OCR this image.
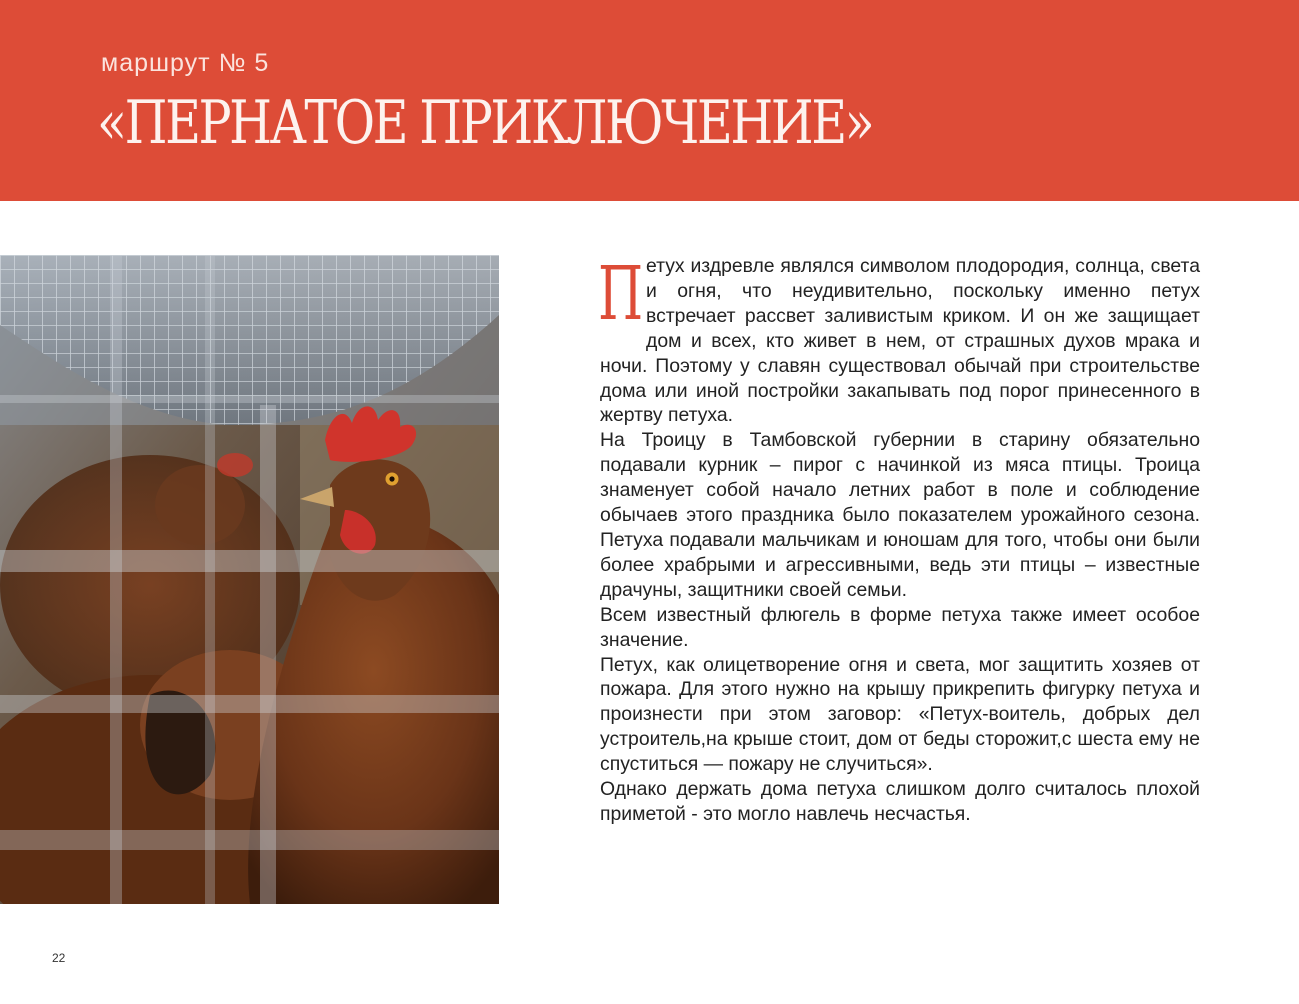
маршрут № 5
«ПЕРНАТОЕ ПРИКЛЮЧЕНИЕ»

Петух издревле являлся символом плодородия, солнца, света и огня, что неудивительно, поскольку именно петух встречает рассвет заливистым криком. И он же защищает дом и всех, кто живет в нем, от страшных духов мрака и ночи. Поэтому у славян существовал обычай при строительстве дома или иной постройки закапывать под порог принесенного в жертву петуха.

На Троицу в Тамбовской губернии в старину обязательно подавали курник – пирог с начинкой из мяса птицы. Троица знаменует собой начало летних работ в поле и соблюдение обычаев этого праздника было показателем урожайного сезона. Петуха подавали мальчикам и юношам для того, чтобы они были более храбрыми и агрессивными, ведь эти птицы – известные драчуны, защитники своей семьи.

Всем известный флюгель в форме петуха также имеет особое значение.

Петух, как олицетворение огня и света, мог защитить хозяев от пожара. Для этого нужно на крышу прикрепить фигурку петуха и произнести при этом заговор: «Петух-воитель, добрых дел устроитель,на крыше стоит, дом от беды сторожит,с шеста ему не спуститься — пожару не случиться».

Однако держать дома петуха слишком долго считалось плохой приметой - это могло навлечь несчастья.

22
